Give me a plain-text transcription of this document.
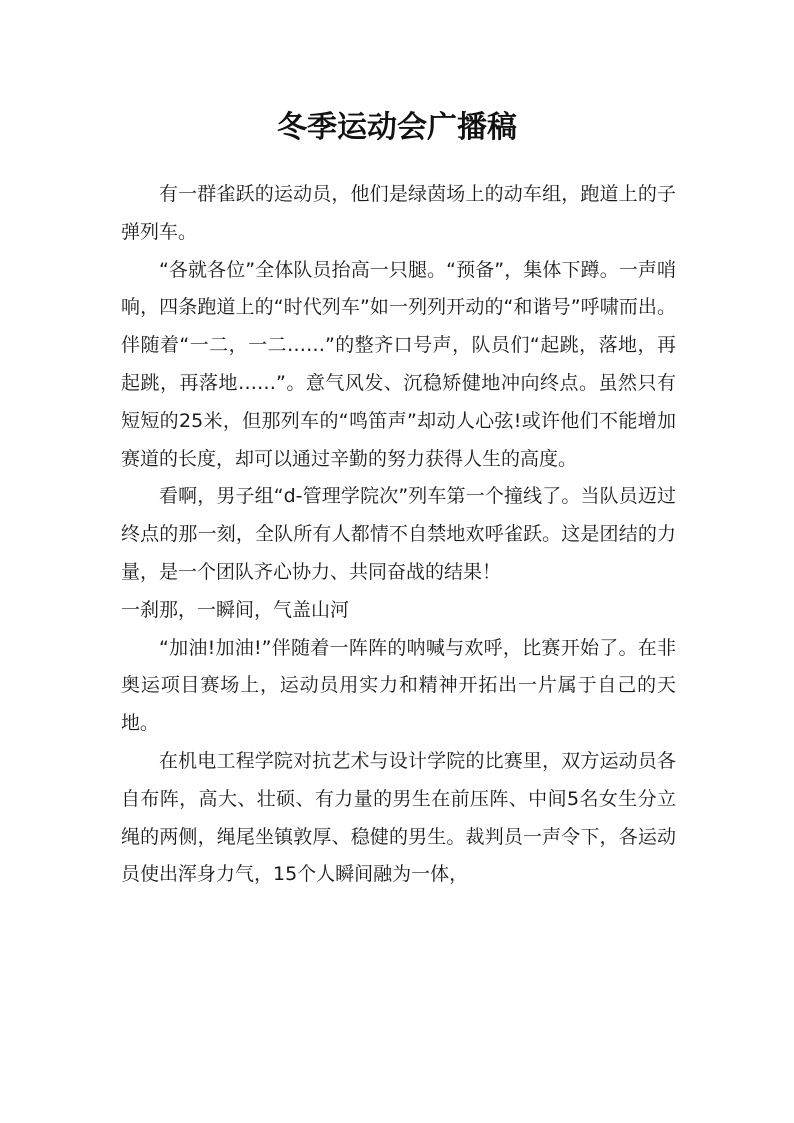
冬季运动会广播稿

有一群雀跃的运动员，他们是绿茵场上的动车组，跑道上的子弹列车。

“各就各位”全体队员抬高一只腿。“预备”，集体下蹲。一声哨响，四条跑道上的“时代列车”如一列列开动的“和谐号”呼啸而出。伴随着“一二，一二……”的整齐口号声，队员们“起跳，落地，再起跳，再落地……”。意气风发、沉稳矫健地冲向终点。虽然只有短短的25米，但那列车的“鸣笛声”却动人心弦!或许他们不能增加赛道的长度，却可以通过辛勤的努力获得人生的高度。

看啊，男子组“d-管理学院次”列车第一个撞线了。当队员迈过终点的那一刻，全队所有人都情不自禁地欢呼雀跃。这是团结的力量，是一个团队齐心协力、共同奋战的结果！

一刹那，一瞬间，气盖山河

“加油!加油!”伴随着一阵阵的呐喊与欢呼，比赛开始了。在非奥运项目赛场上，运动员用实力和精神开拓出一片属于自己的天地。

在机电工程学院对抗艺术与设计学院的比赛里，双方运动员各自布阵，高大、壮硕、有力量的男生在前压阵、中间5名女生分立绳的两侧，绳尾坐镇敦厚、稳健的男生。裁判员一声令下，各运动员使出浑身力气，15个人瞬间融为一体，
